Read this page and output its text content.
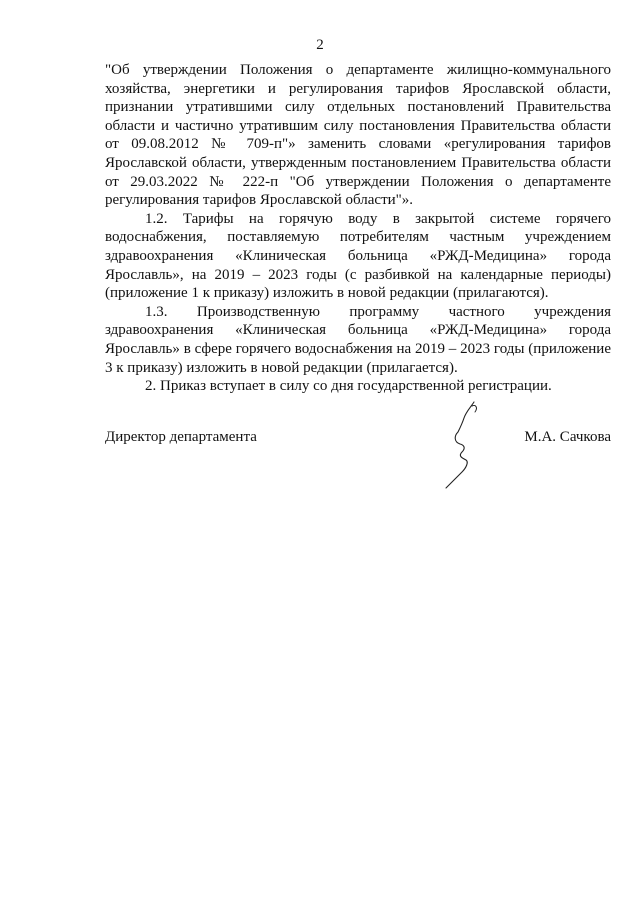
2

"Об утверждении Положения о департаменте жилищно-коммунального хозяйства, энергетики и регулирования тарифов Ярославской области, признании утратившими силу отдельных постановлений Правительства области и частично утратившим силу постановления Правительства области от 09.08.2012 № 709-п"» заменить словами «регулирования тарифов Ярославской области, утвержденным постановлением Правительства области от 29.03.2022 № 222-п "Об утверждении Положения о департаменте регулирования тарифов Ярославской области"».

1.2. Тарифы на горячую воду в закрытой системе горячего водоснабжения, поставляемую потребителям частным учреждением здравоохранения «Клиническая больница «РЖД-Медицина» города Ярославль», на 2019 – 2023 годы (с разбивкой на календарные периоды) (приложение 1 к приказу) изложить в новой редакции (прилагаются).

1.3. Производственную программу частного учреждения здравоохранения «Клиническая больница «РЖД-Медицина» города Ярославль» в сфере горячего водоснабжения на 2019 – 2023 годы (приложение 3 к приказу) изложить в новой редакции (прилагается).

2. Приказ вступает в силу со дня государственной регистрации.

Директор департамента	М.А. Сачкова
